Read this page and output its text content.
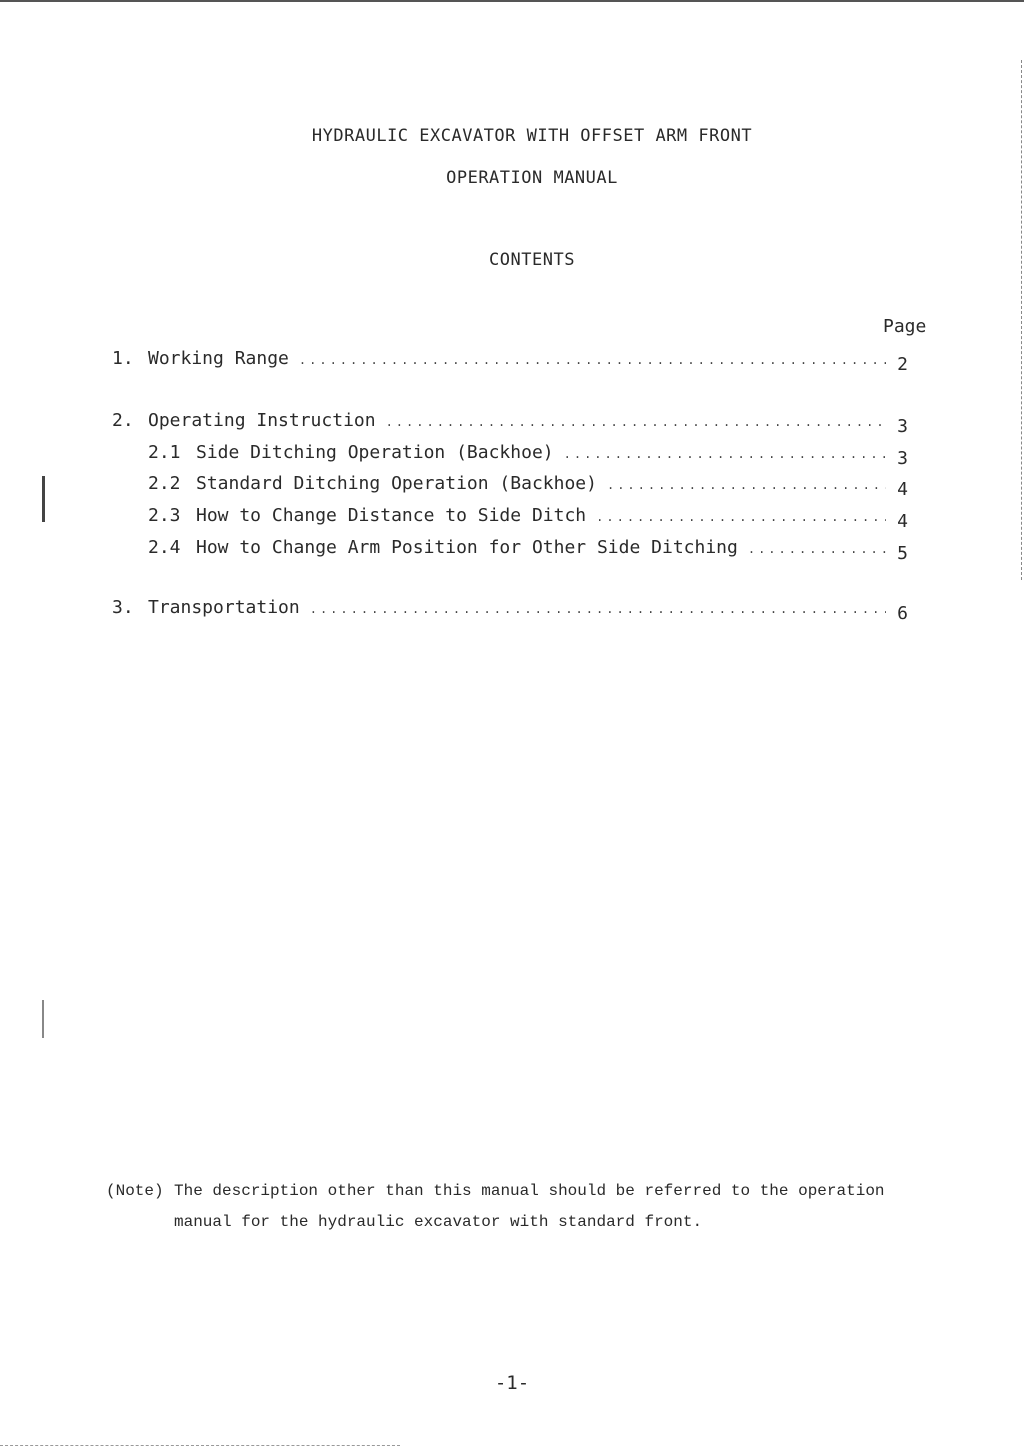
HYDRAULIC EXCAVATOR WITH OFFSET ARM FRONT
OPERATION MANUAL
CONTENTS
Page
1. Working Range .....	2
2. Operating Instruction .....	3
2.1 Side Ditching Operation (Backhoe) .....	3
2.2 Standard Ditching Operation (Backhoe) .....	4
2.3 How to Change Distance to Side Ditch .....	4
2.4 How to Change Arm Position for Other Side Ditching .....	5
3. Transportation .....	6
(Note) The description other than this manual should be referred to the operation
manual for the hydraulic excavator with standard front.
-1-
